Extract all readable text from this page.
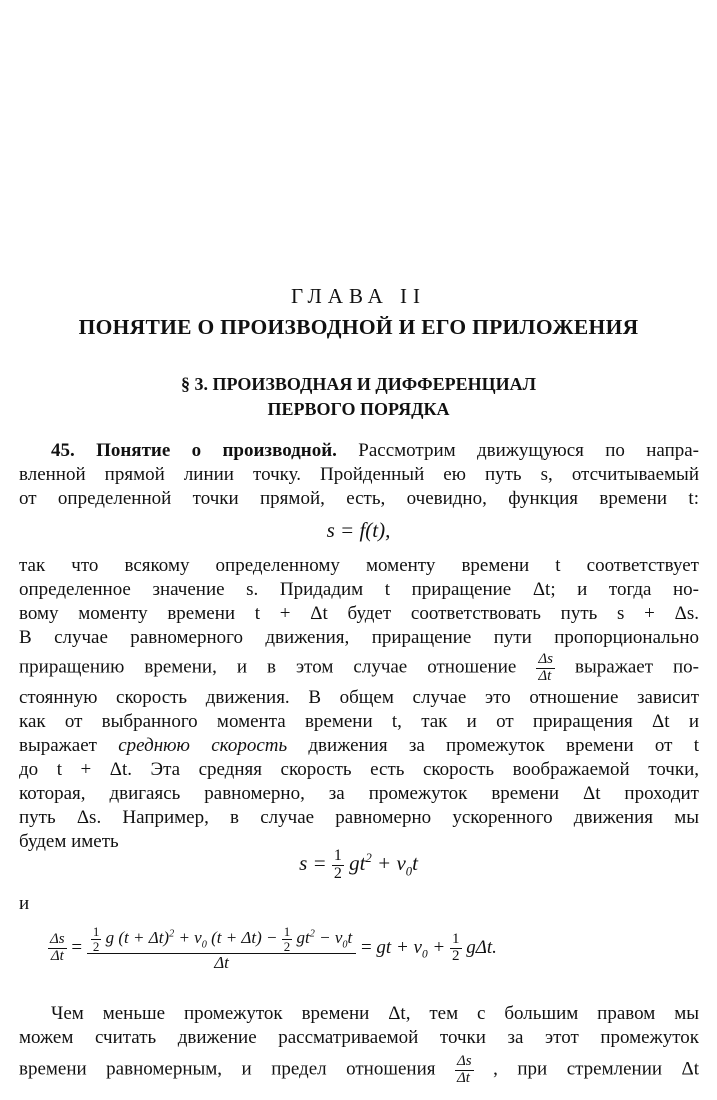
ГЛАВА II
ПОНЯТИЕ О ПРОИЗВОДНОЙ И ЕГО ПРИЛОЖЕНИЯ
§ 3. ПРОИЗВОДНАЯ И ДИФФЕРЕНЦИАЛ
ПЕРВОГО ПОРЯДКА
45. Понятие о производной. Рассмотрим движущуюся по напра-
вленной прямой линии точку. Пройденный ею путь s, отсчитываемый
от определенной точки прямой, есть, очевидно, функция времени t:
s = f(t),
так что всякому определенному моменту времени t соответствует
определенное значение s. Придадим t приращение Δt; и тогда но-
вому моменту времени t + Δt будет соответствовать путь s + Δs.
В случае равномерного движения, приращение пути пропорционально
приращению времени, и в этом случае отношение $\frac{\Delta s}{\Delta t}$ выражает по-
стоянную скорость движения. В общем случае это отношение зависит
как от выбранного момента времени t, так и от приращения Δt и
выражает среднюю скорость движения за промежуток времени от t
до t + Δt. Эта средняя скорость есть скорость воображаемой точки,
которая, двигаясь равномерно, за промежуток времени Δt проходит
путь Δs. Например, в случае равномерно ускоренного движения мы
будем иметь
$s = \frac{1}{2} gt^2 + v_0t$
и
$\frac{\Delta s}{\Delta t} = \frac{\frac{1}{2} g (t + \Delta t)^2 + v_0 (t + \Delta t) - \frac{1}{2} gt^2 - v_0t}{\Delta t}$ = gt + $v_0 + \frac{1}{2} g\Delta t$.
Чем меньше промежуток времени Δt, тем с большим правом мы
можем считать движение рассматриваемой точки за этот промежуток
времени равномерным, и предел отношения $\frac{\Delta s}{\Delta t}$ , при стремлении Δt
